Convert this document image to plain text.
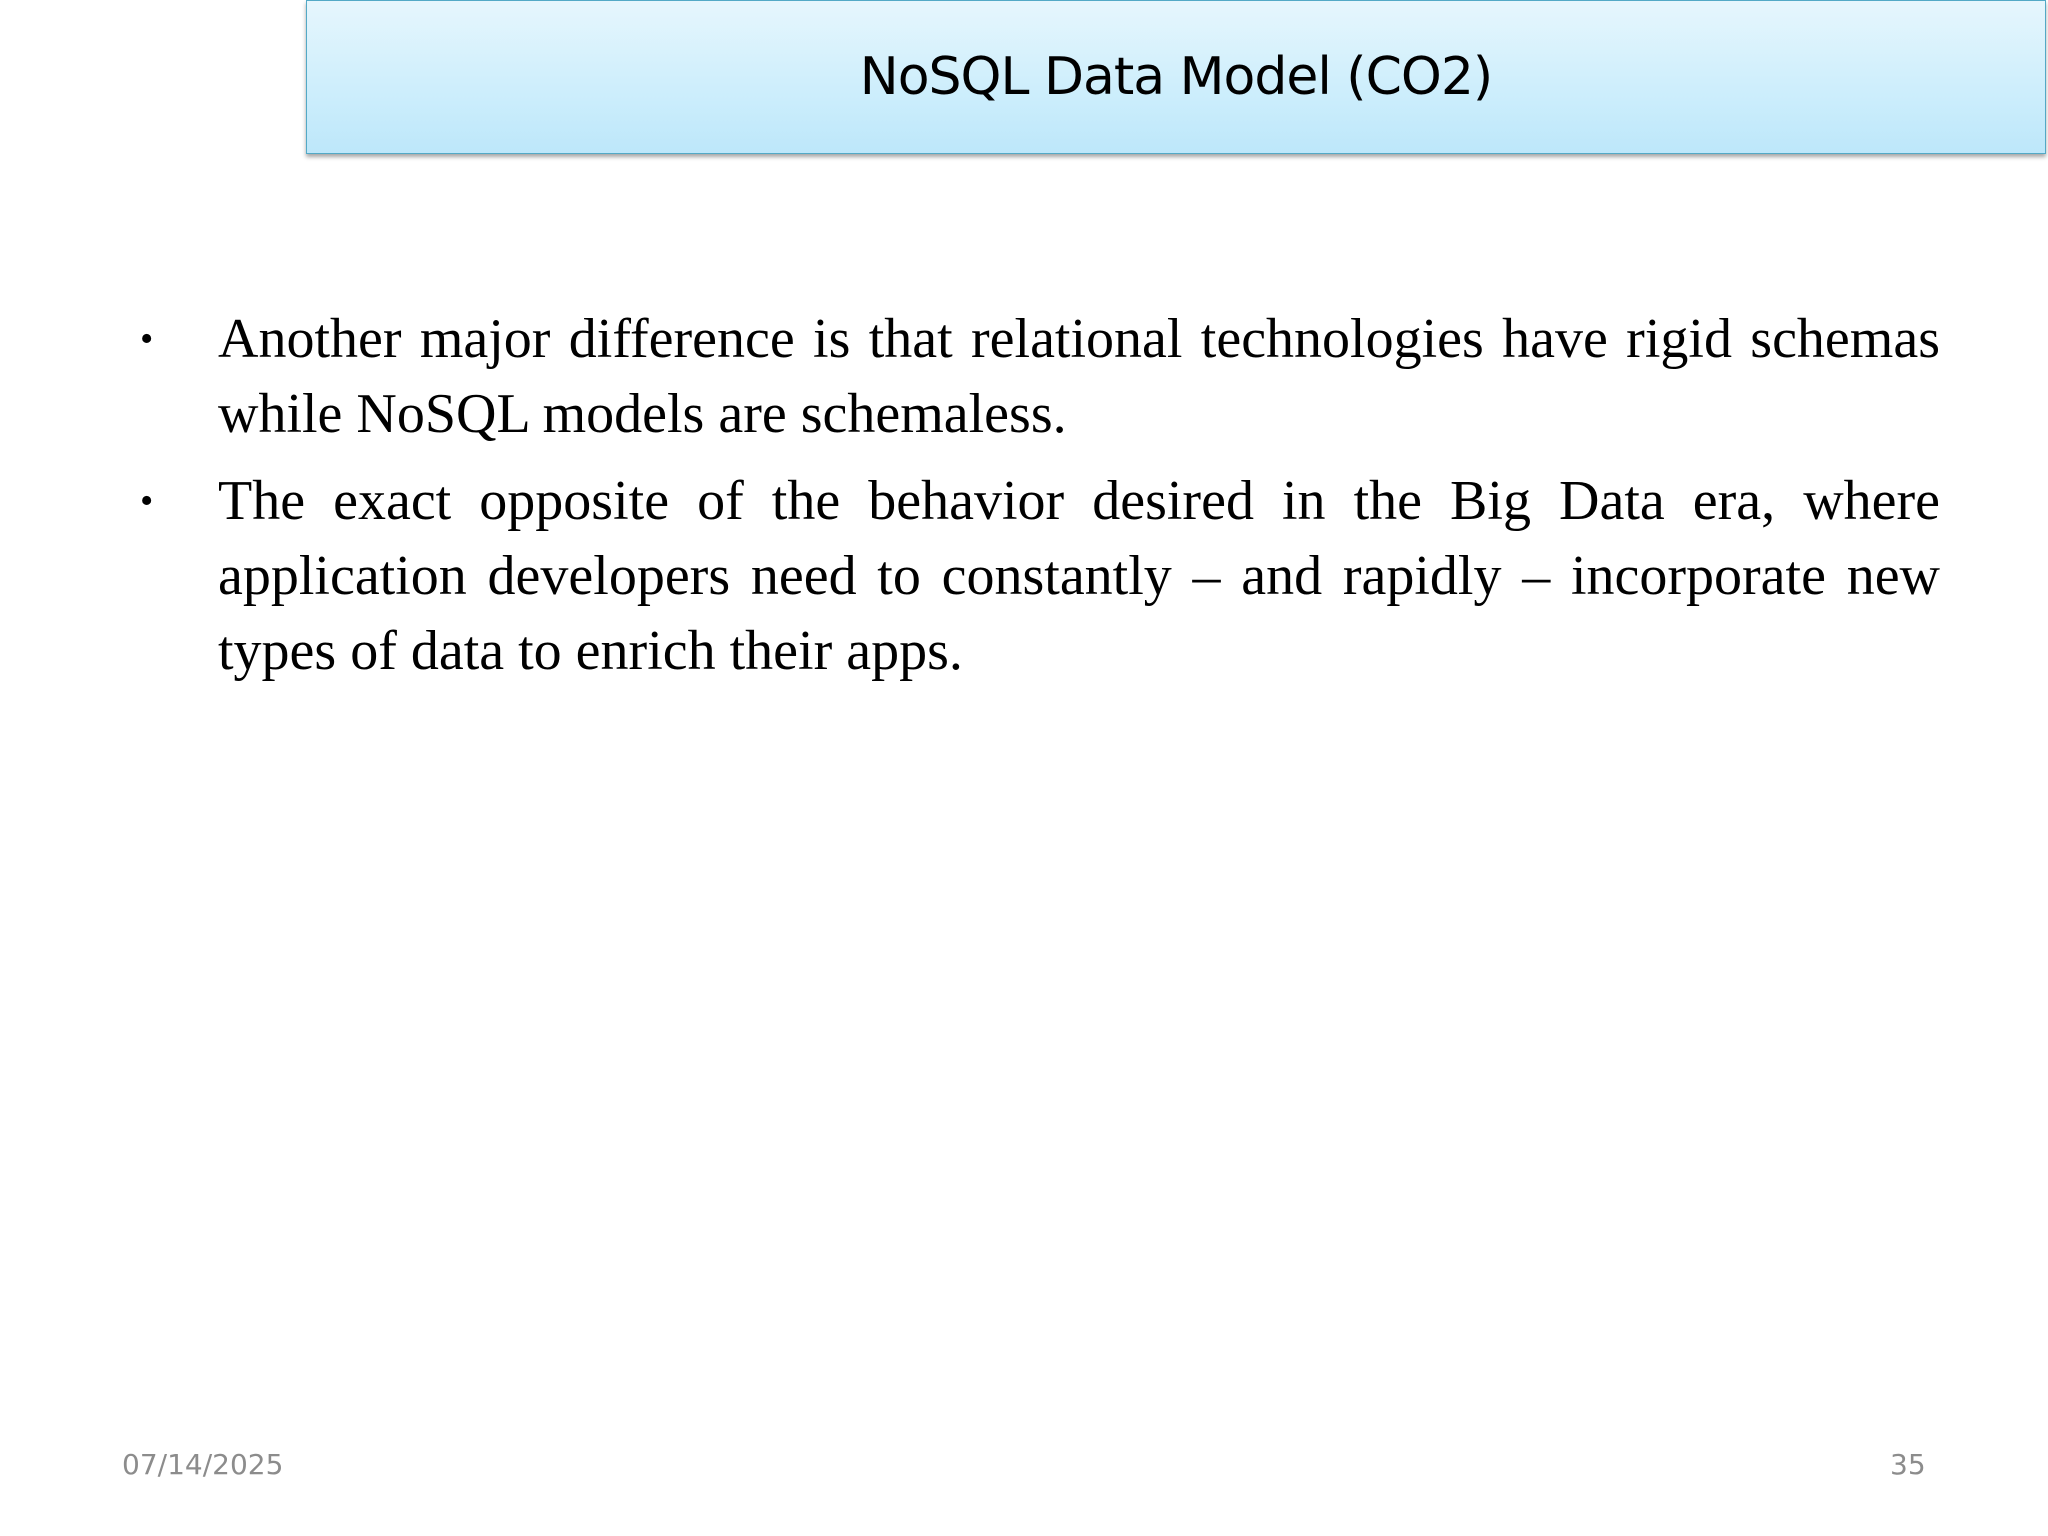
NoSQL Data Model (CO2)
•	Another major difference is that relational technologies have rigid schemas while NoSQL models are schemaless.
•	The exact opposite of the behavior desired in the Big Data era, where application developers need to constantly – and rapidly – incorporate new types of data to enrich their apps.
07/14/2025	35
